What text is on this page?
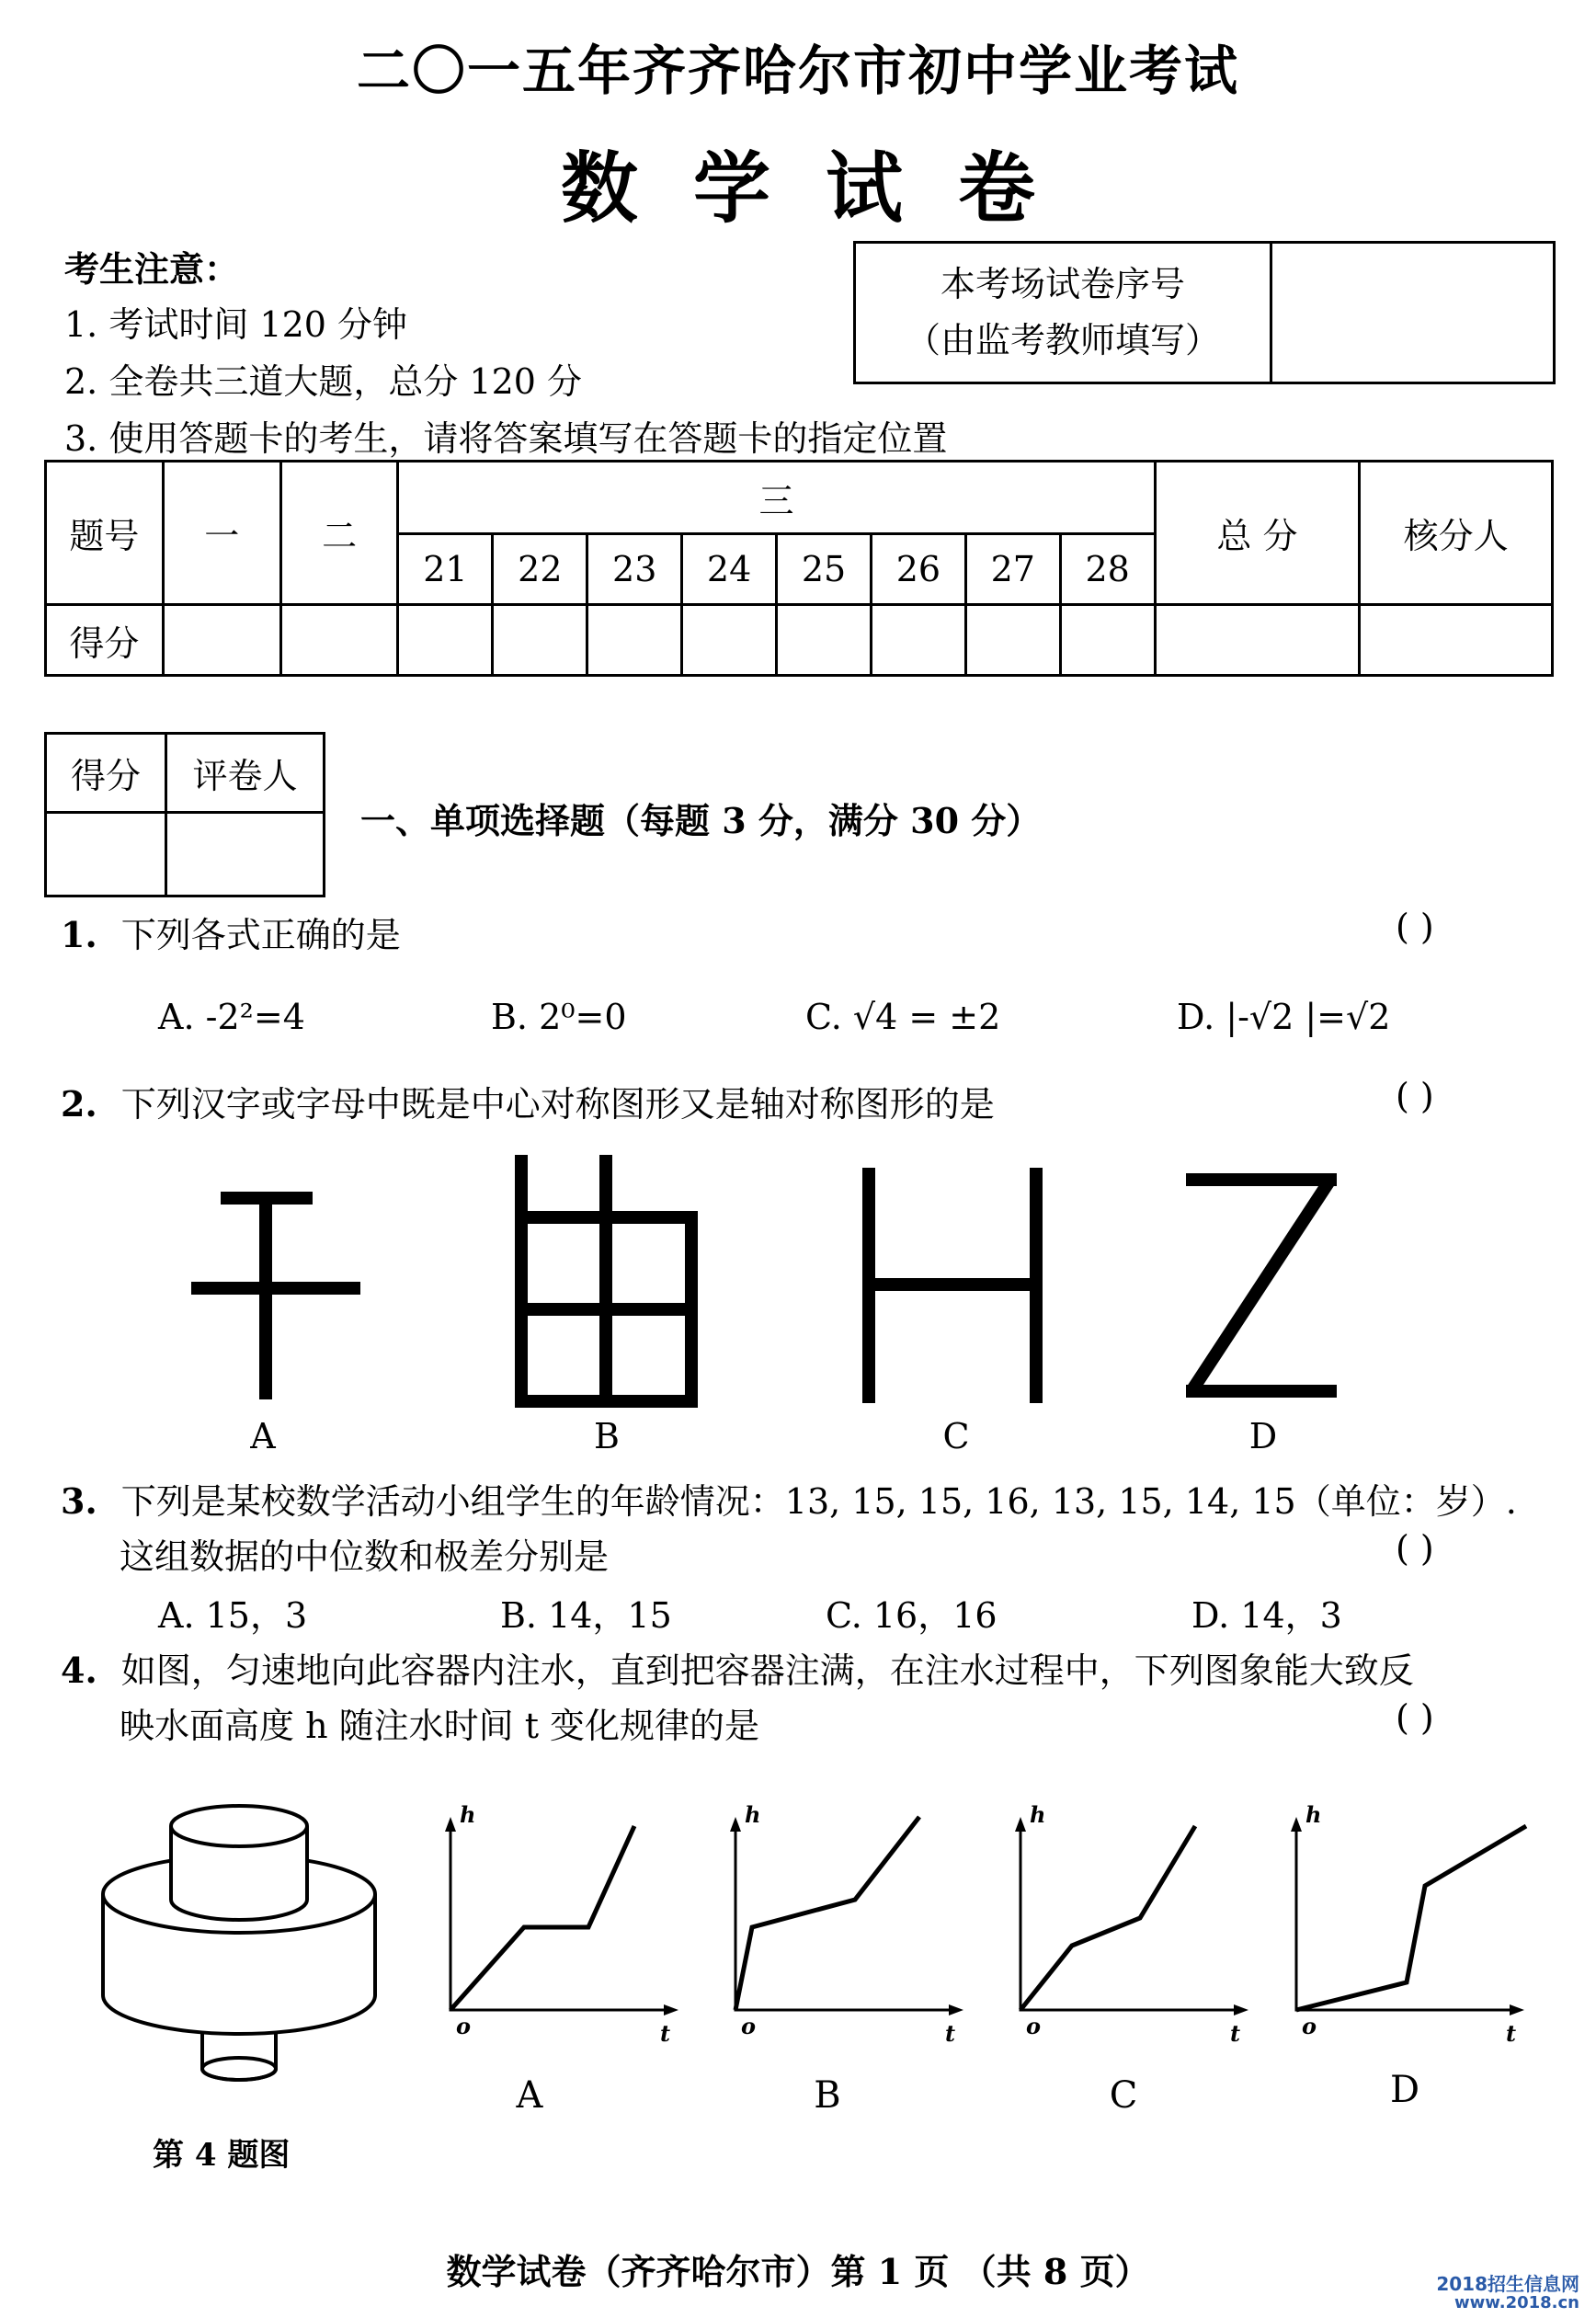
二〇一五年齐齐哈尔市初中学业考试
数学试卷
考生注意：
1. 考试时间 120 分钟
2. 全卷共三道大题，总分 120 分
3. 使用答题卡的考生，请将答案填写在答题卡的指定位置
本考场试卷序号
（由监考教师填写）
题号	一	二	三								总 分	核分人
			21	22	23	24	25	26	27	28		
得分												
得分	评卷人

一、单项选择题（每题 3 分，满分 30 分）
1. 下列各式正确的是	( )
A. -2²=4	B. 2⁰=0	C. √4 = ±2	D. |-√2 |=√2
2. 下列汉字或字母中既是中心对称图形又是轴对称图形的是	( )
A	B	C	D
3. 下列是某校数学活动小组学生的年龄情况：13, 15, 15, 16, 13, 15, 14, 15（单位：岁）.
这组数据的中位数和极差分别是	( )
A. 15，3	B. 14，15	C. 16，16	D. 14，3
4. 如图，匀速地向此容器内注水，直到把容器注满，在注水过程中，下列图象能大致反
映水面高度 h 随注水时间 t 变化规律的是	( )
第 4 题图
h
t
o
h
t
o
h
t
o
h
t
o
A	B	C	D
数学试卷（齐齐哈尔市）第 1 页 （共 8 页）	2018招生信息网
www.2018.cn
